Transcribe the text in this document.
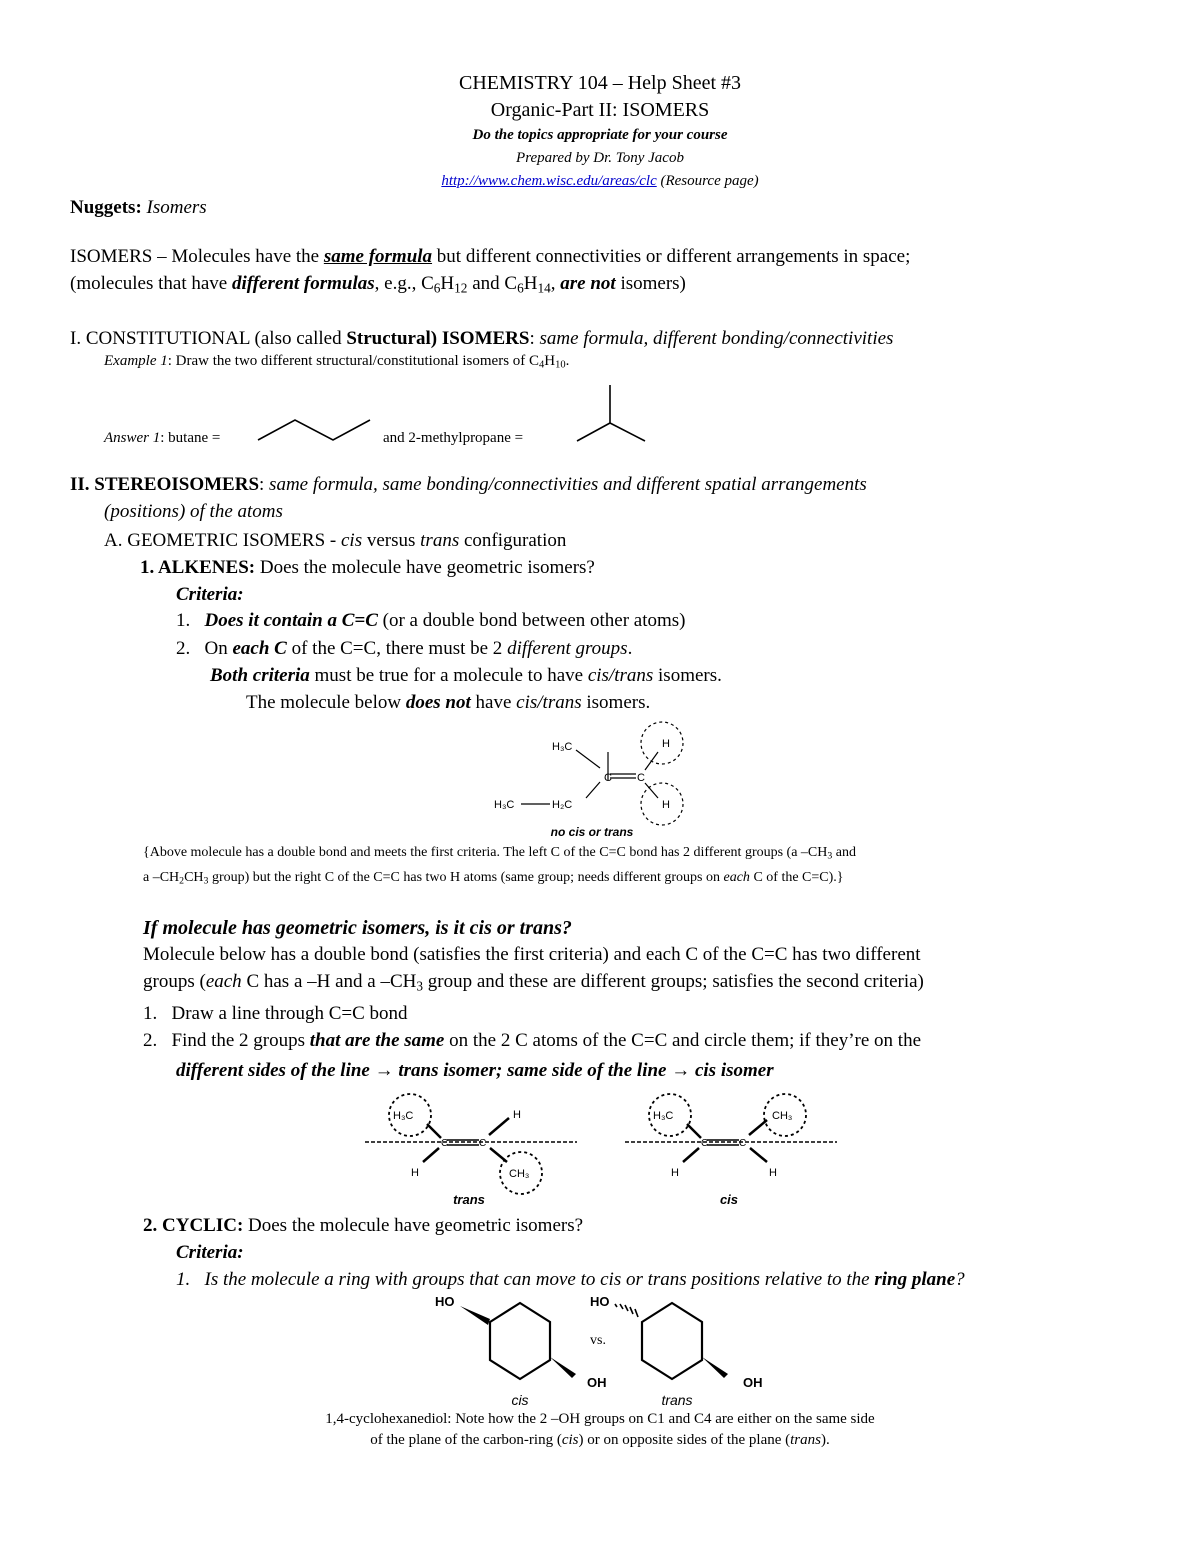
CHEMISTRY 104 – Help Sheet #3
Organic-Part II: ISOMERS
Do the topics appropriate for your course
Prepared by Dr. Tony Jacob
http://www.chem.wisc.edu/areas/clc (Resource page)
Nuggets: Isomers
ISOMERS – Molecules have the same formula but different connectivities or different arrangements in space;
(molecules that have different formulas, e.g., $C_6H_{12}$ and $C_6H_{14}$, are not isomers)
I. CONSTITUTIONAL (also called Structural) ISOMERS: same formula, different bonding/connectivities
Example 1: Draw the two different structural/constitutional isomers of $C_4H_{10}$.
Answer 1: butane =	and 2-methylpropane =
II. STEREOISOMERS: same formula, same bonding/connectivities and different spatial arrangements
(positions) of the atoms
A. GEOMETRIC ISOMERS - cis versus trans configuration
1. ALKENES: Does the molecule have geometric isomers?
Criteria:
1. Does it contain a C=C (or a double bond between other atoms)
2. On each C of the C=C, there must be 2 different groups.
Both criteria must be true for a molecule to have cis/trans isomers.
The molecule below does not have cis/trans isomers.
H₃C	H
C C
H₃C	H₂C	H
no cis or trans
{Above molecule has a double bond and meets the first criteria. The left C of the C=C bond has 2 different groups (a $-CH_3$ and
a $-CH_2CH_3$ group) but the right C of the C=C has two H atoms (same group; needs different groups on each C of the C=C).}
If molecule has geometric isomers, is it cis or trans?
Molecule below has a double bond (satisfies the first criteria) and each C of the C=C has two different
groups (each C has a –H and a $-CH_3$ group and these are different groups; satisfies the second criteria)
1. Draw a line through C=C bond
2. Find the 2 groups that are the same on the 2 C atoms of the C=C and circle them; if they’re on the
different sides of the line → trans isomer; same side of the line → cis isomer
H₃C	H
C	C
H	CH₃
trans
H₃C	CH₃
C	C
H	H
cis
2. CYCLIC: Does the molecule have geometric isomers?
Criteria:
1. Is the molecule a ring with groups that can move to cis or trans positions relative to the ring plane?
HO
OH
cis
vs.
HO
OH
trans
1,4-cyclohexanediol: Note how the 2 –OH groups on C1 and C4 are either on the same side
of the plane of the carbon-ring (cis) or on opposite sides of the plane (trans).
